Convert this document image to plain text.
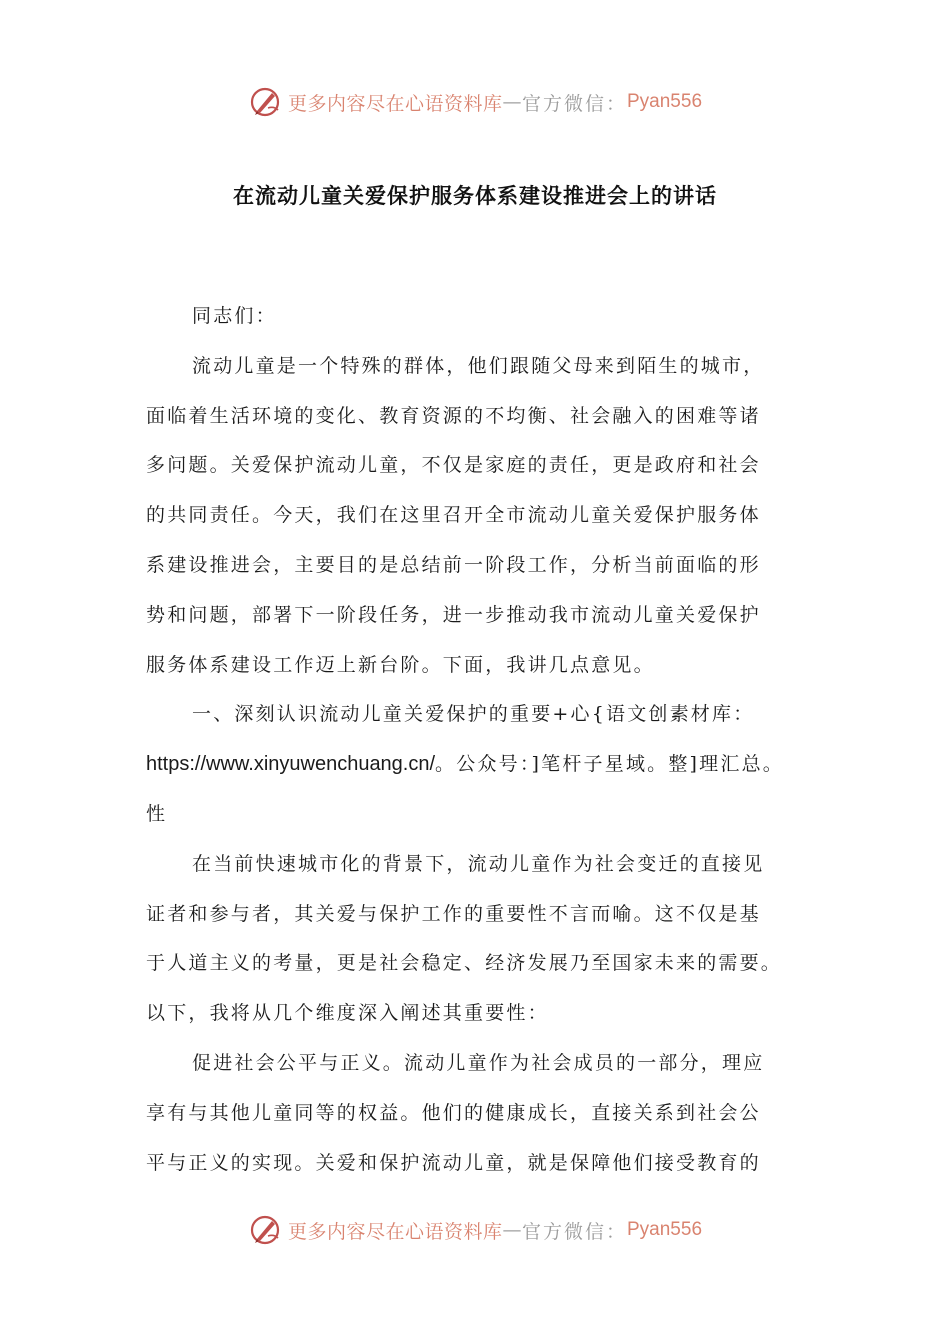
更多内容尽在心语资料库 — 官方微信： Pyan556
在流动儿童关爱保护服务体系建设推进会上的讲话

同志们：

流动儿童是一个特殊的群体，他们跟随父母来到陌生的城市，

面临着生活环境的变化、教育资源的不均衡、社会融入的困难等诸

多问题。关爱保护流动儿童，不仅是家庭的责任，更是政府和社会

的共同责任。今天，我们在这里召开全市流动儿童关爱保护服务体

系建设推进会，主要目的是总结前一阶段工作，分析当前面临的形

势和问题，部署下一阶段任务，进一步推动我市流动儿童关爱保护

服务体系建设工作迈上新台阶。下面，我讲几点意见。

一、深刻认识流动儿童关爱保护的重要+心{语文创素材库：

https://www.xinyuwenchuang.cn/。公众号：]笔杆子星域。整]理汇总。

性

在当前快速城市化的背景下，流动儿童作为社会变迁的直接见

证者和参与者，其关爱与保护工作的重要性不言而喻。这不仅是基

于人道主义的考量，更是社会稳定、经济发展乃至国家未来的需要。

以下，我将从几个维度深入阐述其重要性：

促进社会公平与正义。流动儿童作为社会成员的一部分，理应

享有与其他儿童同等的权益。他们的健康成长，直接关系到社会公

平与正义的实现。关爱和保护流动儿童，就是保障他们接受教育的

更多内容尽在心语资料库 — 官方微信： Pyan556
